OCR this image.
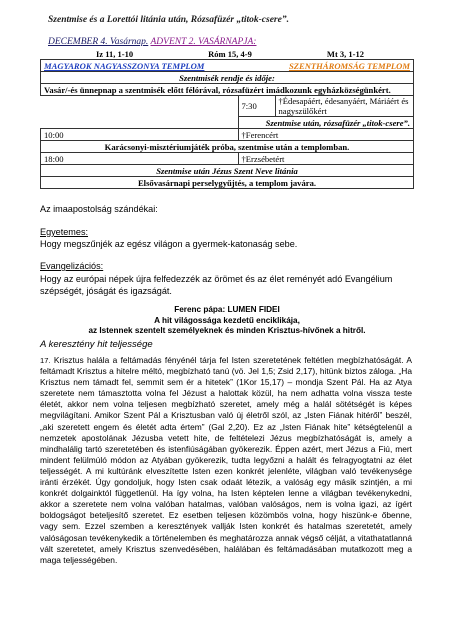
Szentmise és a Lorettói litánia után, Rózsafüzér „titok-csere”.
DECEMBER 4. Vasárnap. ADVENT 2. VASÁRNAPJA:
Iz 11, 1-10	Róm 15, 4-9	Mt 3, 1-12
MAGYAROK NAGYASSZONYA TEMPLOM SZENTHÁROMSÁG TEMPLOM		

Szentmisék rendje és idője:		
Vasár/-és ünnepnap a szentmisék előtt félórával, rózsafüzért imádkozunk egyházközségünkért.		
	7:30	†Édesapáért, édesanyáért, Máriáért és nagyszülőkért
	Szentmise után, rózsafüzér „titok-csere”.	
10:00	†Ferencért	
Karácsonyi-misztériumjáték próba, szentmise után a templomban.		
18:00	†Erzsébetért	
Szentmise után Jézus Szent Neve litánia		
Elsővasárnapi perselygyűjtés, a templom javára.		
Az imaapostolság szándékai:
Egyetemes:
Hogy megszűnjék az egész világon a gyermek-katonaság sebe.
Evangelizációs:
Hogy az európai népek újra felfedezzék az örömet és az élet reményét adó Evangélium szépségét, jóságát és igazságát.
Ferenc pápa: LUMEN FIDEI
A hit világossága kezdetű enciklikája,
az Istennek szentelt személyeknek és minden Krisztus-hívőnek a hitről.
A keresztény hit teljessége
17. Krisztus halála a feltámadás fényénél tárja fel Isten szeretetének feltétlen megbízhatóságát. A feltámadt Krisztus a hitelre méltó, megbízható tanú (vö. Jel 1,5; Zsid 2,17), hitünk biztos záloga. „Ha Krisztus nem támadt fel, semmit sem ér a hitetek” (1Kor 15,17) – mondja Szent Pál. Ha az Atya szeretete nem támasztotta volna fel Jézust a halottak közül, ha nem adhatta volna vissza teste életét, akkor nem volna teljesen megbízható szeretet, amely még a halál sötétségét is képes megvilágítani. Amikor Szent Pál a Krisztusban való új életről szól, az „Isten Fiának hitéről” beszél, „aki szeretett engem és életét adta értem” (Gal 2,20). Ez az „Isten Fiának hite” kétségtelenül a nemzetek apostolának Jézusba vetett hite, de feltételezi Jézus megbízhatóságát is, amely a mindhalálig tartó szeretetében és istenfiúságában gyökerezik. Éppen azért, mert Jézus a Fiú, mert mindent felülmúló módon az Atyában gyökerezik, tudta legyőzni a halált és felragyogtatni az élet teljességét. A mi kultúránk elveszítette Isten ezen konkrét jelenléte, világban való tevékenysége iránti érzékét. Úgy gondoljuk, hogy Isten csak odaát létezik, a valóság egy másik szintjén, a mi konkrét dolgainktól függetlenül. Ha így volna, ha Isten képtelen lenne a világban tevékenykedni, akkor a szeretete nem volna valóban hatalmas, valóban valóságos, nem is volna igazi, az ígért boldogságot beteljesítő szeretet. Ez esetben teljesen közömbös volna, hogy hiszünk-e őbenne, vagy sem. Ezzel szemben a keresztények vallják Isten konkrét és hatalmas szeretetét, amely valóságosan tevékenykedik a történelemben és meghatározza annak végső célját, a vitathatatlanná vált szeretetet, amely Krisztus szenvedésében, halálában és feltámadásában mutatkozott meg a maga teljességében.
